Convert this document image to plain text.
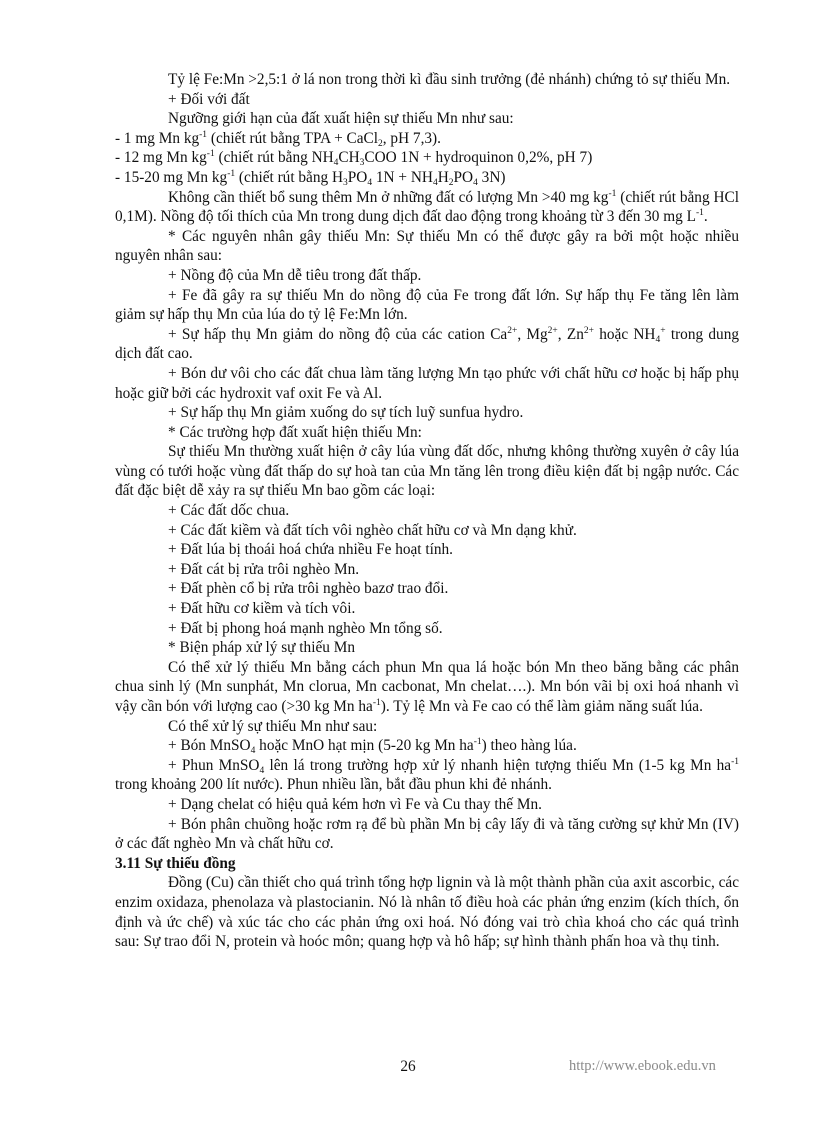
Tỷ lệ Fe:Mn >2,5:1 ở lá non trong thời kì đầu sinh trưởng (đẻ nhánh) chứng tỏ sự thiếu Mn.

+ Đối với đất

Ngưỡng giới hạn của đất xuất hiện sự thiếu Mn như sau:

- 1 mg Mn $kg^{-1}$ (chiết rút bằng TPA + CaCl$_2$, pH 7,3).

- 12 mg Mn $kg^{-1}$ (chiết rút bằng $NH_4CH_3COO$ 1N + hydroquinon 0,2%, pH 7)

- 15-20 mg Mn $kg^{-1}$ (chiết rút bằng $H_3PO_4$ $1N + NH_4H_2PO_4$ 3N)

Không cần thiết bổ sung thêm Mn ở những đất có lượng Mn >40 mg $kg^{-1}$ (chiết rút bằng HCl 0,1M). Nồng độ tối thích của Mn trong dung dịch đất dao động trong khoảng từ 3 đến 30 mg $L^{-1}$.

* Các nguyên nhân gây thiếu Mn: Sự thiếu Mn có thể được gây ra bởi một hoặc nhiều nguyên nhân sau:

+ Nồng độ của Mn dễ tiêu trong đất thấp.

+ Fe đã gây ra sự thiếu Mn do nồng độ của Fe trong đất lớn. Sự hấp thụ Fe tăng lên làm giảm sự hấp thụ Mn của lúa do tỷ lệ Fe:Mn lớn.

+ Sự hấp thụ Mn giảm do nồng độ của các cation $Ca^{2+}$, $Mg^{2+}$, $Zn^{2+}$ hoặc $NH_4^+$ trong dung dịch đất cao.

+ Bón dư vôi cho các đất chua làm tăng lượng Mn tạo phức với chất hữu cơ hoặc bị hấp phụ hoặc giữ bởi các hydroxit vaf oxit Fe và Al.

+ Sự hấp thụ Mn giảm xuống do sự tích luỹ sunfua hydro.

* Các trường hợp đất xuất hiện thiếu Mn:

Sự thiếu Mn thường xuất hiện ở cây lúa vùng đất dốc, nhưng không thường xuyên ở cây lúa vùng có tưới hoặc vùng đất thấp do sự hoà tan của Mn tăng lên trong điều kiện đất bị ngập nước. Các đất đặc biệt dễ xảy ra sự thiếu Mn bao gồm các loại:

+ Các đất dốc chua.

+ Các đất kiềm và đất tích vôi nghèo chất hữu cơ và Mn dạng khử.

+ Đất lúa bị thoái hoá chứa nhiều Fe hoạt tính.

+ Đất cát bị rửa trôi nghèo Mn.

+ Đất phèn cổ bị rửa trôi nghèo bazơ trao đổi.

+ Đất hữu cơ kiềm và tích vôi.

+ Đất bị phong hoá mạnh nghèo Mn tổng số.

* Biện pháp xử lý sự thiếu Mn

Có thể xử lý thiếu Mn bằng cách phun Mn qua lá hoặc bón Mn theo băng bằng các phân chua sinh lý (Mn sunphát, Mn clorua, Mn cacbonat, Mn chelat….). Mn bón vãi bị oxi hoá nhanh vì vậy cần bón với lượng cao (>30 kg Mn $ha^{-1}$). Tỷ lệ Mn và Fe cao có thể làm giảm năng suất lúa.

Có thể xử lý sự thiếu Mn như sau:

+ Bón MnSO$_4$ hoặc MnO hạt mịn (5-20 kg Mn $ha^{-1}$) theo hàng lúa.

+ Phun MnSO$_4$ lên lá trong trường hợp xử lý nhanh hiện tượng thiếu Mn (1-5 kg Mn $ha^{-1}$ trong khoảng 200 lít nước). Phun nhiều lần, bắt đầu phun khi đẻ nhánh.

+ Dạng chelat có hiệu quả kém hơn vì Fe và Cu thay thế Mn.

+ Bón phân chuồng hoặc rơm rạ để bù phần Mn bị cây lấy đi và tăng cường sự khử Mn (IV) ở các đất nghèo Mn và chất hữu cơ.

3.11 Sự thiếu đồng

Đồng (Cu) cần thiết cho quá trình tổng hợp lignin và là một thành phần của axit ascorbic, các enzim oxidaza, phenolaza và plastocianin. Nó là nhân tố điều hoà các phản ứng enzim (kích thích, ổn định và ức chế) và xúc tác cho các phản ứng oxi hoá. Nó đóng vai trò chìa khoá cho các quá trình sau: Sự trao đổi N, protein và hoóc môn; quang hợp và hô hấp; sự hình thành phấn hoa và thụ tinh.

26	http://www.ebook.edu.vn
